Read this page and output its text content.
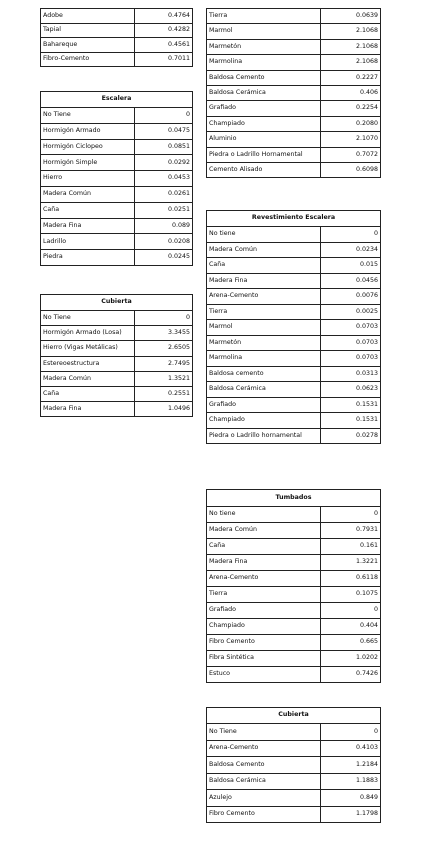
Adobe	0.4764
Tapial	0.4282
Bahareque	0.4561
Fibro-Cemento	0.7011
Tierra	0.0639
Marmol	2.1068
Marmetón	2.1068
Marmolina	2.1068
Baldosa Cemento	0.2227
Baldosa Cerámica	0.406
Grafiado	0.2254
Champiado	0.2080
Aluminio	2.1070
Piedra o Ladrillo Hornamental	0.7072
Cemento Alisado	0.6098
Escalera	
No Tiene	0
Hormigón Armado	0.0475
Hormigón Ciclopeo	0.0851
Hormigón Simple	0.0292
Hierro	0.0453
Madera Común	0.0261
Caña	0.0251
Madera Fina	0.089
Ladrillo	0.0208
Piedra	0.0245
Cubierta	
No Tiene	0
Hormigón Armado (Losa)	3.3455
Hierro (Vigas Metálicas)	2.6505
Estereoestructura	2.7495
Madera Común	1.3521
Caña	0.2551
Madera Fina	1.0496
Revestimiento Escalera	
No tiene	0
Madera Común	0.0234
Caña	0.015
Madera Fina	0.0456
Arena-Cemento	0.0076
Tierra	0.0025
Marmol	0.0703
Marmetón	0.0703
Marmolina	0.0703
Baldosa cemento	0.0313
Baldosa Cerámica	0.0623
Grafiado	0.1531
Champiado	0.1531
Piedra o Ladrillo hornamental	0.0278
Tumbados	
No tiene	0
Madera Común	0.7931
Caña	0.161
Madera Fina	1.3221
Arena-Cemento	0.6118
Tierra	0.1075
Grafiado	0
Champiado	0.404
Fibro Cemento	0.665
Fibra Sintética	1.0202
Estuco	0.7426
Cubierta	
No Tiene	0
Arena-Cemento	0.4103
Baldosa Cemento	1.2184
Baldosa Cerámica	1.1883
Azulejo	0.849
Fibro Cemento	1.1798
